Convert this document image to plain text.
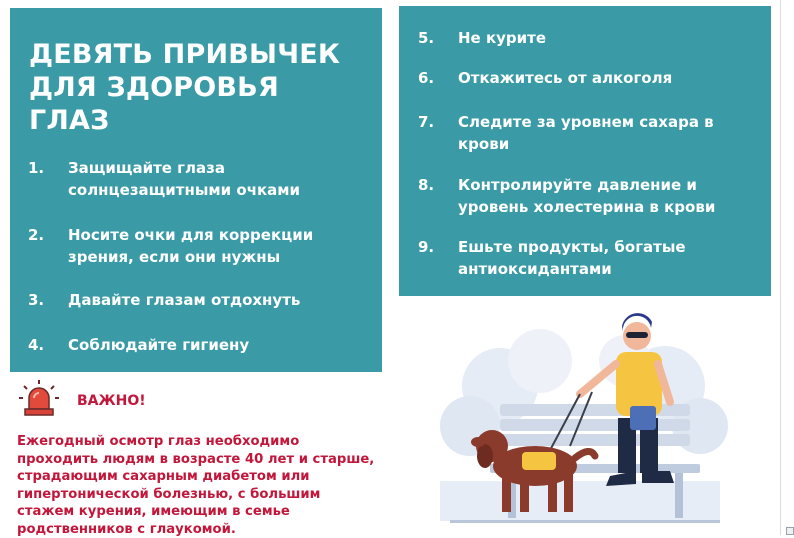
ДЕВЯТЬ ПРИВЫЧЕК ДЛЯ ЗДОРОВЬЯ ГЛАЗ
1. Защищайте глаза солнцезащитными очками
2. Носите очки для коррекции зрения, если они нужны
3. Давайте глазам отдохнуть
4. Соблюдайте гигиену
5. Не курите
6. Откажитесь от алкоголя
7. Следите за уровнем сахара в крови
8. Контролируйте давление и уровень холестерина в крови
9. Ешьте продукты, богатые антиоксидантами
ВАЖНО!
Ежегодный осмотр глаз необходимо проходить людям в возрасте 40 лет и старше, страдающим сахарным диабетом или гипертонической болезнью, с большим стажем курения, имеющим в семье родственников с глаукомой.
